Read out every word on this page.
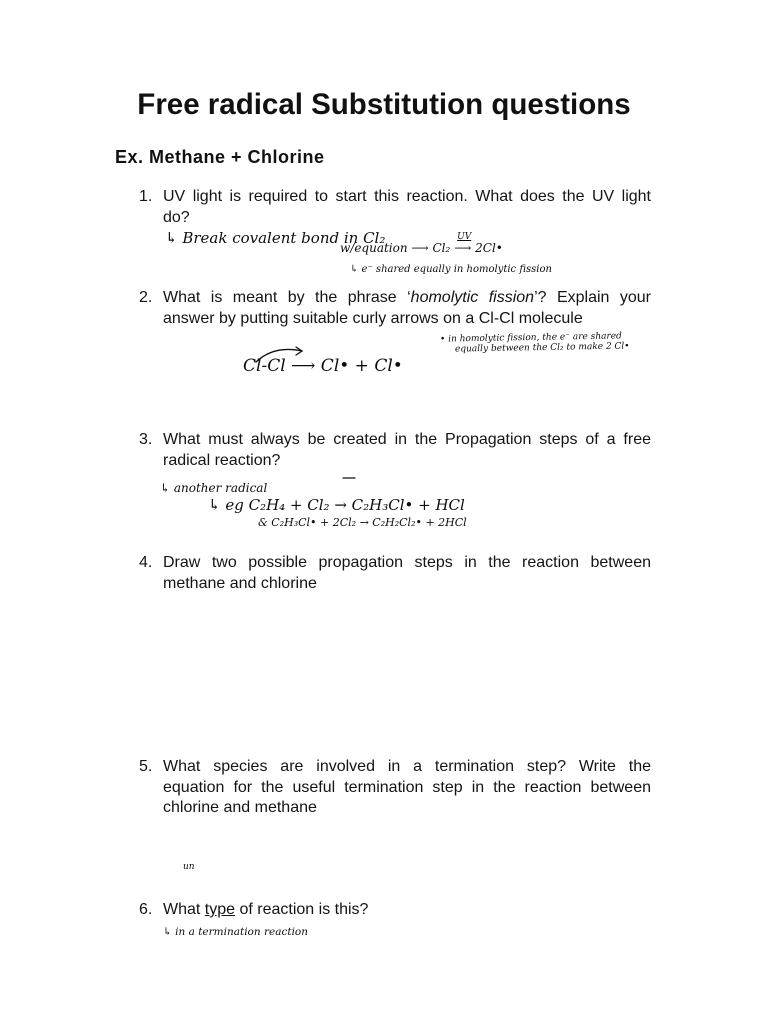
Free radical Substitution questions
Ex. Methane + Chlorine
1. UV light is required to start this reaction. What does the UV light
do?
2. What is meant by the phrase ‘homolytic fission’? Explain your
answer by putting suitable curly arrows on a Cl-Cl molecule
3. What must always be created in the Propagation steps of a free
radical reaction?
4. Draw two possible propagation steps in the reaction between
methane and chlorine
5. What species are involved in a termination step? Write the
equation for the useful termination step in the reaction between
chlorine and methane
6. What type of reaction is this?
↳ Break covalent bond in Cl₂
w/equation ⟶ Cl₂
UV
⟶ 2Cl•
↳ e⁻ shared equally in homolytic fission
• in homolytic fission, the e⁻ are shared
equally between the Cl₂ to make 2 Cl•
Cl-Cl ⟶ Cl• + Cl•
↳ another radical
↳ eg C₂H₄ + Cl₂ → C₂H₃Cl• + HCl
& C₂H₃Cl• + 2Cl₂ → C₂H₂Cl₂• + 2HCl
un
↳ in a termination reaction
